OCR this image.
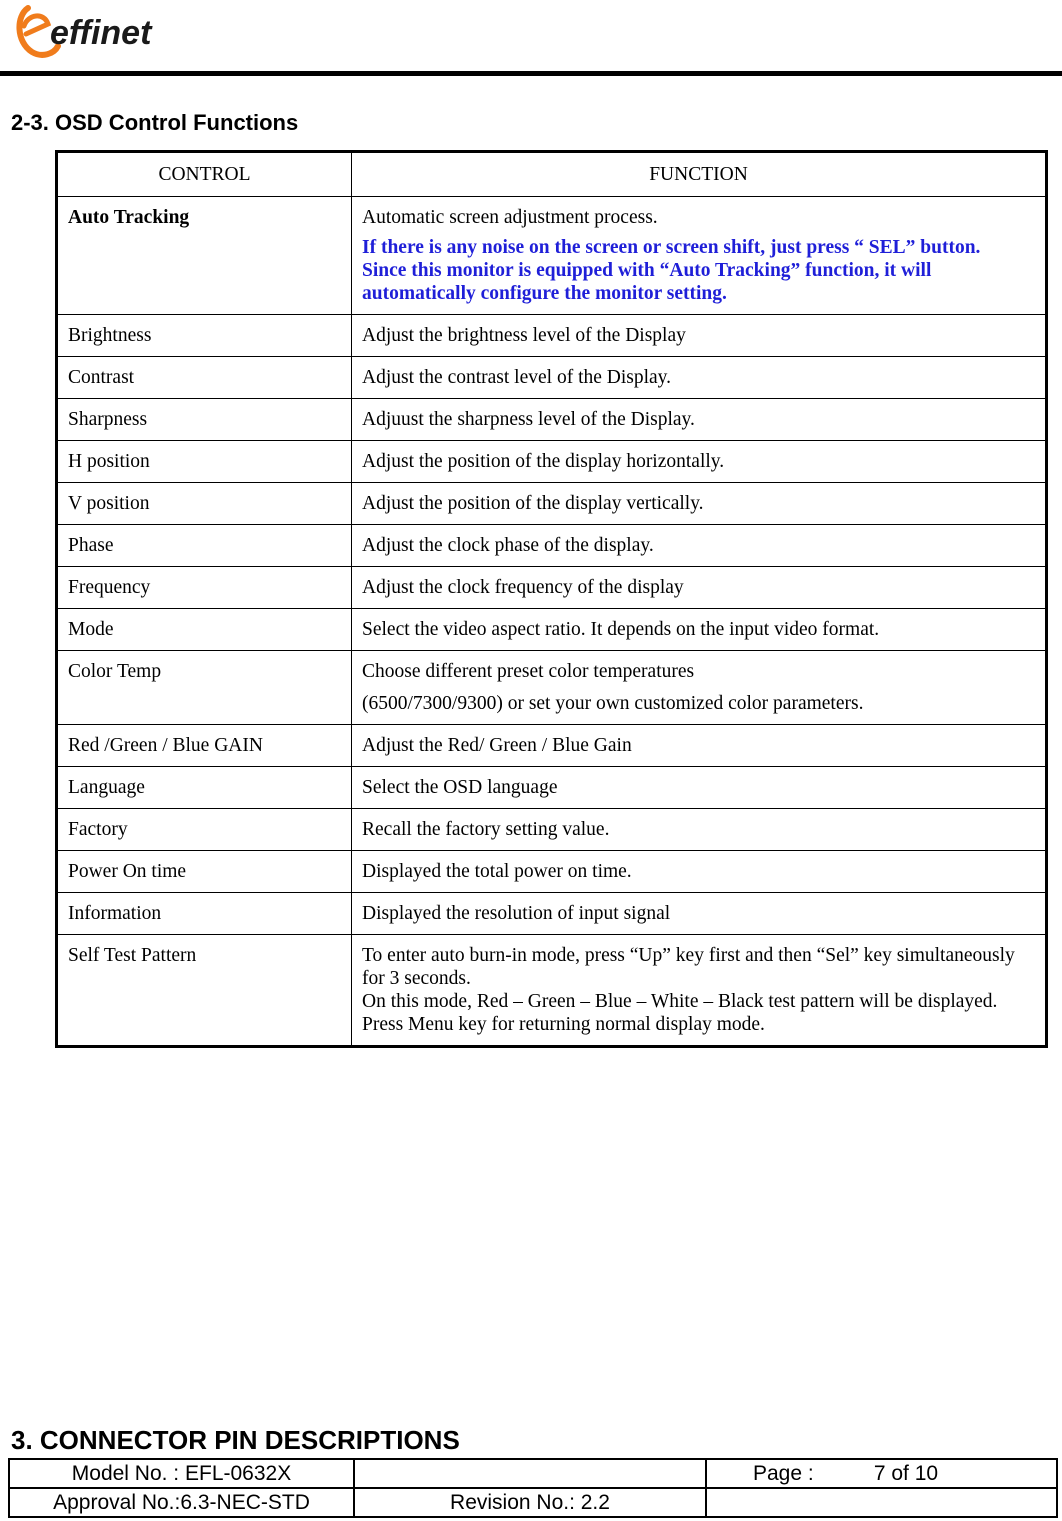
effinet
2-3. OSD Control Functions
CONTROL	FUNCTION
Auto Tracking	Automatic screen adjustment process.
If there is any noise on the screen or screen shift, just press “ SEL” button.
Since this monitor is equipped with “Auto Tracking” function, it will automatically configure the monitor setting.

Brightness	Adjust the brightness level of the Display
Contrast	Adjust the contrast level of the Display.
Sharpness	Adjuust the sharpness level of the Display.
H position	Adjust the position of the display horizontally.
V position	Adjust the position of the display vertically.
Phase	Adjust the clock phase of the display.
Frequency	Adjust the clock frequency of the display
Mode	Select the video aspect ratio. It depends on the input video format.
Color Temp	Choose different preset color temperatures
(6500/7300/9300) or set your own customized color parameters.

Red /Green / Blue GAIN	Adjust the Red/ Green / Blue Gain
Language	Select the OSD language
Factory	Recall the factory setting value.
Power On time	Displayed the total power on time.
Information	Displayed the resolution of input signal
Self Test Pattern	To enter auto burn-in mode, press “Up” key first and then “Sel” key simultaneously for 3 seconds.
On this mode, Red – Green – Blue – White – Black test pattern will be displayed. Press Menu key for returning normal display mode.
3. CONNECTOR PIN DESCRIPTIONS
Model No. : EFL-0632X		Page : 7 of 10
Approval No.:6.3-NEC-STD	Revision No.: 2.2	
